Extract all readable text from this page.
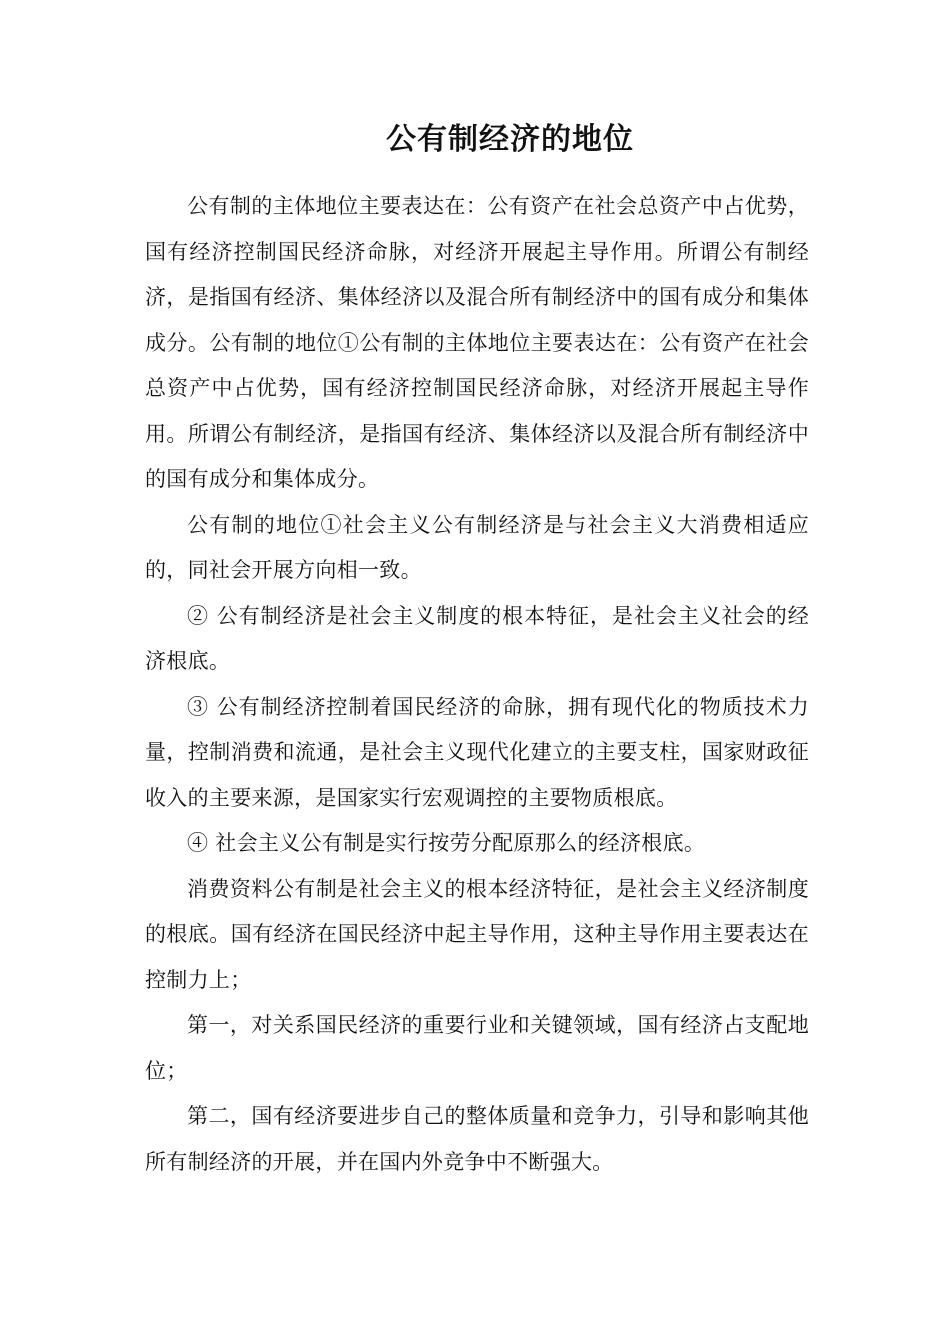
公有制经济的地位

公有制的主体地位主要表达在：公有资产在社会总资产中占优势，国有经济控制国民经济命脉，对经济开展起主导作用。所谓公有制经济，是指国有经济、集体经济以及混合所有制经济中的国有成分和集体成分。公有制的地位①公有制的主体地位主要表达在：公有资产在社会总资产中占优势，国有经济控制国民经济命脉，对经济开展起主导作用。所谓公有制经济，是指国有经济、集体经济以及混合所有制经济中的国有成分和集体成分。

公有制的地位①社会主义公有制经济是与社会主义大消费相适应的，同社会开展方向相一致。

② 公有制经济是社会主义制度的根本特征，是社会主义社会的经济根底。

③ 公有制经济控制着国民经济的命脉，拥有现代化的物质技术力量，控制消费和流通，是社会主义现代化建立的主要支柱，国家财政征收入的主要来源，是国家实行宏观调控的主要物质根底。

④ 社会主义公有制是实行按劳分配原那么的经济根底。

消费资料公有制是社会主义的根本经济特征，是社会主义经济制度的根底。国有经济在国民经济中起主导作用，这种主导作用主要表达在控制力上；

第一，对关系国民经济的重要行业和关键领域，国有经济占支配地位；

第二，国有经济要进步自己的整体质量和竞争力，引导和影响其他所有制经济的开展，并在国内外竞争中不断强大。
